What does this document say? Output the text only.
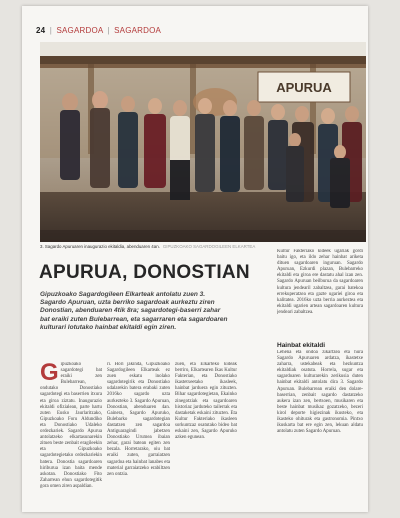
24 | SAGARDOA | SAGARDOA
APURUA
3. Sagardo Apuruaren inaugurazio ekitaldia, abenduaren 4an. GIPUZKOAKO SAGARDOGILEEN ELKARTEA
APURUA, DONOSTIAN
Gipuzkoako Sagardogileen Elkarteak antolatu zuen 3. Sagardo Apuruan, uzta berriko sagardoak aurkeztu ziren Donostian, abenduaren 4tik 8ra; sagardotegi-baserri zahar bat eraiki zuten Bulebarrean, eta sagarraren eta sagardoaren kulturari lotutako hainbat ekitaldi egin ziren.
Gipuzkoako sagardotegi bat eraiki zen Bulebarrean, ondutako Donostiako sagardotegi eta baserrien itxura eta giroa ziztatu. Inaugurazio ekitaldi ofizialean, parte hartu zuten Eusko Jaurlaritzako, Gipuzkoako Foru Aldundiko eta Donostiako Udaleko ordezkariek. Sagardo Apurua antolatzeko elkartasunarekin zituen beste zenbait eragileekin eta Gipuzkoako sagardotegietako ordezkariekin batera. Donostia sagardoaren hiriburua izan baita mende askotan. Donostiako Fito Zaharrean ehun sagardotegitik gora omen ziren aspaldian.
ri. Hori jakinda, Gipuzkoako Sagardogileen Elkarteak ez zuen eskatu inolako sagardotegirik eta Donostiako udalarekin batera erabaki zuten 2016ko sagardo uzta aurkezteko 3. Sagardo Apuruan, Donostian, abenduaren 4an. Gainera, Sagardo Apuruko, Bulebarko sagardotegian dastatzen zen sagardoa Antiguaragindi jabetzen Donostiako Urumea ibaian zehar, garai batean egiten zen bezala. Horretarako, oiu bat eraiki zuten, garraiatzen sagardoa eta hainbat lanabes eta material garraiatzeko erabiltzen zen ontzia.
zuen, eta Elkarteko kideak berriro, Elkartearen Ikas Kultur Fakterian, eta Donostiako ikastetxeetako ikasleek, hainbat jarduera egin zituzten. Bihar sagardotegietan, Ekainko zinegotziak eta sagardoaren historiaz jarduteko tailerrak eta dastaketak eskaini zituzten. Eta Kultur Fakteriako ikasleen sorkuntzaz osatutako bideo bat eskaini zen, Sagardo Apuruko azken egunean.
Kultur Fakteriako kideek ugariak gordi baitu igo, eta ildo zehar hainbat ariketa dituen sagardoaren inguruan. Sagardo Apuruan, Ezkurdi plazan, Bulebarreko ekitaldi eta giroa ere dastatu ahal izan zen. Sagardo Apuruan beilburua da sagardoaren kultura jendearil zabaltzea, garai batekoa errekuperatzea eta gazte ugariei giroa eta kalitatea. 2016ko uzta berria aurkeztea eta ekitaldi ugarien artean sagardoaren kultura jendeari zabaltzea.
Hainbat ekitaldi
Lehena eta ondoa zikartzea eta hura Sagardo Apuruaren ardatza, ikastetxe zaharra, ustekabeak eta hezkuntza ekitaldiak osatuta. Horrela, sugar eta sagardoaren kulturarekin zerikusia duten hainbat ekitaldi antolatu dira 3. Sagardo Apuruan. Bulebarrean eraiki den dolare-baserrian, zenbait sagardo dastatzeko aukera izan zen, bertsoen, musikaren eta beste hainbat musikaz gozatzeko, bezeri kirol deporte higiezinak ikusteko, eta ikasteko ohiturak eta gastronomia. Pintxo ikuskarta bat ere egin zen, lekuan aldatu antolatu zuten Sagardo Apuruan.
